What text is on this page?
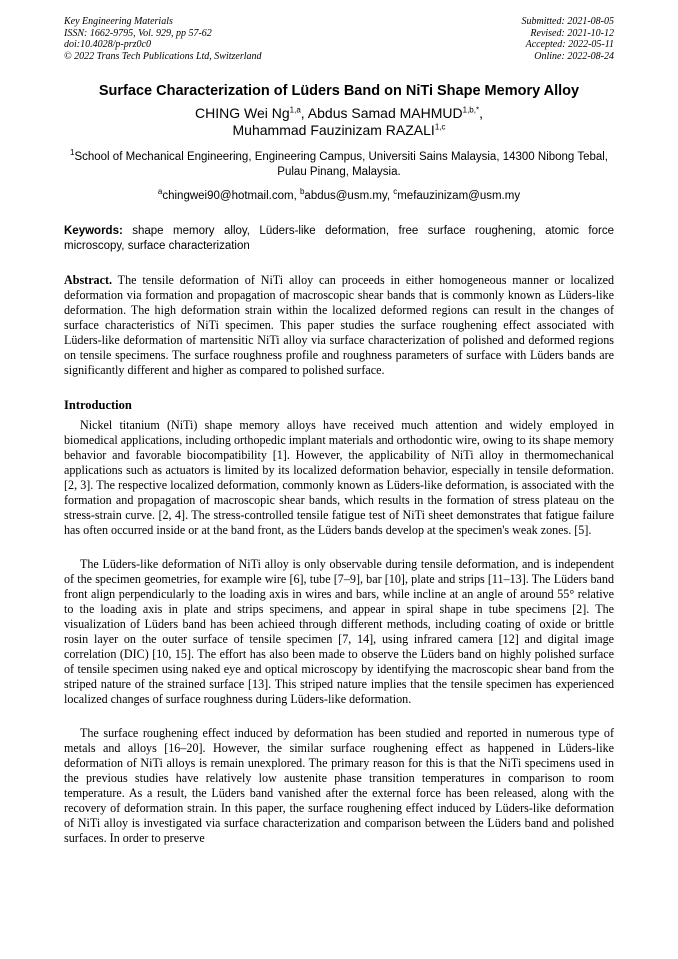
Key Engineering Materials
ISSN: 1662-9795, Vol. 929, pp 57-62
doi:10.4028/p-prz0c0
© 2022 Trans Tech Publications Ltd, Switzerland
Submitted: 2021-08-05
Revised: 2021-10-12
Accepted: 2022-05-11
Online: 2022-08-24
Surface Characterization of Lüders Band on NiTi Shape Memory Alloy
CHING Wei Ng$^{1,a}$, Abdus Samad $MAHMUD^{1,b,*}$,
Muhammad Fauzinizam RAZALI$^{1,c}$
$^1$School of Mechanical Engineering, Engineering Campus, Universiti Sains Malaysia, 14300 Nibong Tebal, Pulau Pinang, Malaysia.
$^a$chingwei90@hotmail.com, $^b$abdus@usm.my, $^c$mefauzinizam@usm.my
Keywords: shape memory alloy, Lüders-like deformation, free surface roughening, atomic force microscopy, surface characterization
Abstract. The tensile deformation of NiTi alloy can proceeds in either homogeneous manner or localized deformation via formation and propagation of macroscopic shear bands that is commonly known as Lüders-like deformation. The high deformation strain within the localized deformed regions can result in the changes of surface characteristics of NiTi specimen. This paper studies the surface roughening effect associated with Lüders-like deformation of martensitic NiTi alloy via surface characterization of polished and deformed regions on tensile specimens. The surface roughness profile and roughness parameters of surface with Lüders bands are significantly different and higher as compared to polished surface.
Introduction

Nickel titanium (NiTi) shape memory alloys have received much attention and widely employed in biomedical applications, including orthopedic implant materials and orthodontic wire, owing to its shape memory behavior and favorable biocompatibility [1]. However, the applicability of NiTi alloy in thermomechanical applications such as actuators is limited by its localized deformation behavior, especially in tensile deformation. [2, 3]. The respective localized deformation, commonly known as Lüders-like deformation, is associated with the formation and propagation of macroscopic shear bands, which results in the formation of stress plateau on the stress-strain curve. [2, 4]. The stress-controlled tensile fatigue test of NiTi sheet demonstrates that fatigue failure has often occurred inside or at the band front, as the Lüders bands develop at the specimen's weak zones. [5].

The Lüders-like deformation of NiTi alloy is only observable during tensile deformation, and is independent of the specimen geometries, for example wire [6], tube [7–9], bar [10], plate and strips [11–13]. The Lüders band front align perpendicularly to the loading axis in wires and bars, while incline at an angle of around 55° relative to the loading axis in plate and strips specimens, and appear in spiral shape in tube specimens [2]. The visualization of Lüders band has been achieed through different methods, including coating of oxide or brittle rosin layer on the outer surface of tensile specimen [7, 14], using infrared camera [12] and digital image correlation (DIC) [10, 15]. The effort has also been made to observe the Lüders band on highly polished surface of tensile specimen using naked eye and optical microscopy by identifying the macroscopic shear band from the striped nature of the strained surface [13]. This striped nature implies that the tensile specimen has experienced localized changes of surface roughness during Lüders-like deformation.

The surface roughening effect induced by deformation has been studied and reported in numerous type of metals and alloys [16–20]. However, the similar surface roughening effect as happened in Lüders-like deformation of NiTi alloys is remain unexplored. The primary reason for this is that the NiTi specimens used in the previous studies have relatively low austenite phase transition temperatures in comparison to room temperature. As a result, the Lüders band vanished after the external force has been released, along with the recovery of deformation strain. In this paper, the surface roughening effect induced by Lüders-like deformation of NiTi alloy is investigated via surface characterization and comparison between the Lüders band and polished surfaces. In order to preserve
